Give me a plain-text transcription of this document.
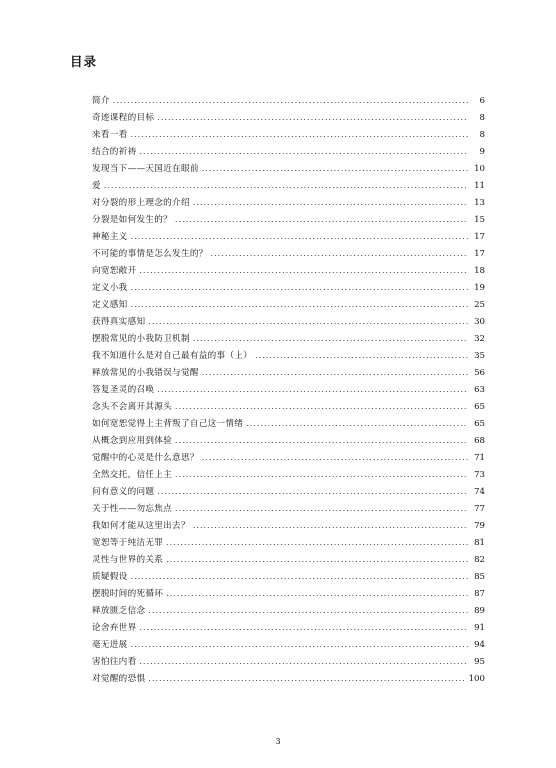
目录
简介 . . .	6
奇迹课程的目标 . . .	8
来看一看 . . .	8
结合的祈祷 . . .	9
发现当下——天国近在眼前 . . .	10
爱 . . .	11
对分裂的形上理念的介绍 . . .	13
分裂是如何发生的？ . . .	15
神秘主义 . . .	17
不可能的事情是怎么发生的？ . . .	17
向宽恕敞开 . . .	18
定义小我 . . .	19
定义感知 . . .	25
获得真实感知 . . .	30
摆脱常见的小我防卫机制 . . .	32
我不知道什么是对自己最有益的事（上） . . .	35
释放常见的小我错误与觉醒 . . .	56
答复圣灵的召唤 . . .	63
念头不会离开其源头 . . .	65
如何宽恕觉得上主背叛了自己这一情绪 . . .	65
从概念到应用到体验 . . .	68
觉醒中的心灵是什么意思？ . . .	71
全然交托，信任上主 . . .	73
问有意义的问题 . . .	74
关于性——勿忘焦点 . . .	77
我如何才能从这里出去？ . . .	79
宽恕等于纯洁无罪 . . .	81
灵性与世界的关系 . . .	82
质疑假设 . . .	85
摆脱时间的死循环 . . .	87
释放匮乏信念 . . .	89
论舍弃世界 . . .	91
毫无进展 . . .	94
害怕往内看 . . .	95
对觉醒的恐惧 . . .	100
3
